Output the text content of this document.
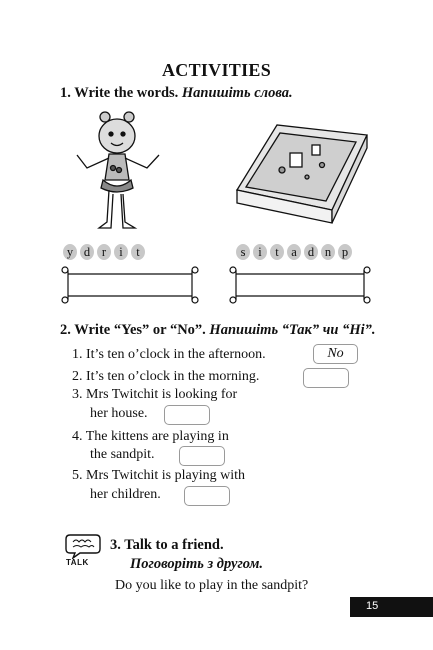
ACTIVITIES
1. Write the words. Напишіть слова.
y d r	i	t	s	i	t a d n p
2. Write “Yes” or “No”. Напишіть “Так” чи “Ні”.
1. It’s ten o’clock in the afternoon.	No
2. It’s ten o’clock in the morning.
3. Mrs Twitchit is looking for
her house.
4. The kittens are playing in
the sandpit.
5. Mrs Twitchit is playing with
her children.
TALK
3. Talk to a friend.
Поговоріть з другом.
Do you like to play in the sandpit?
15
